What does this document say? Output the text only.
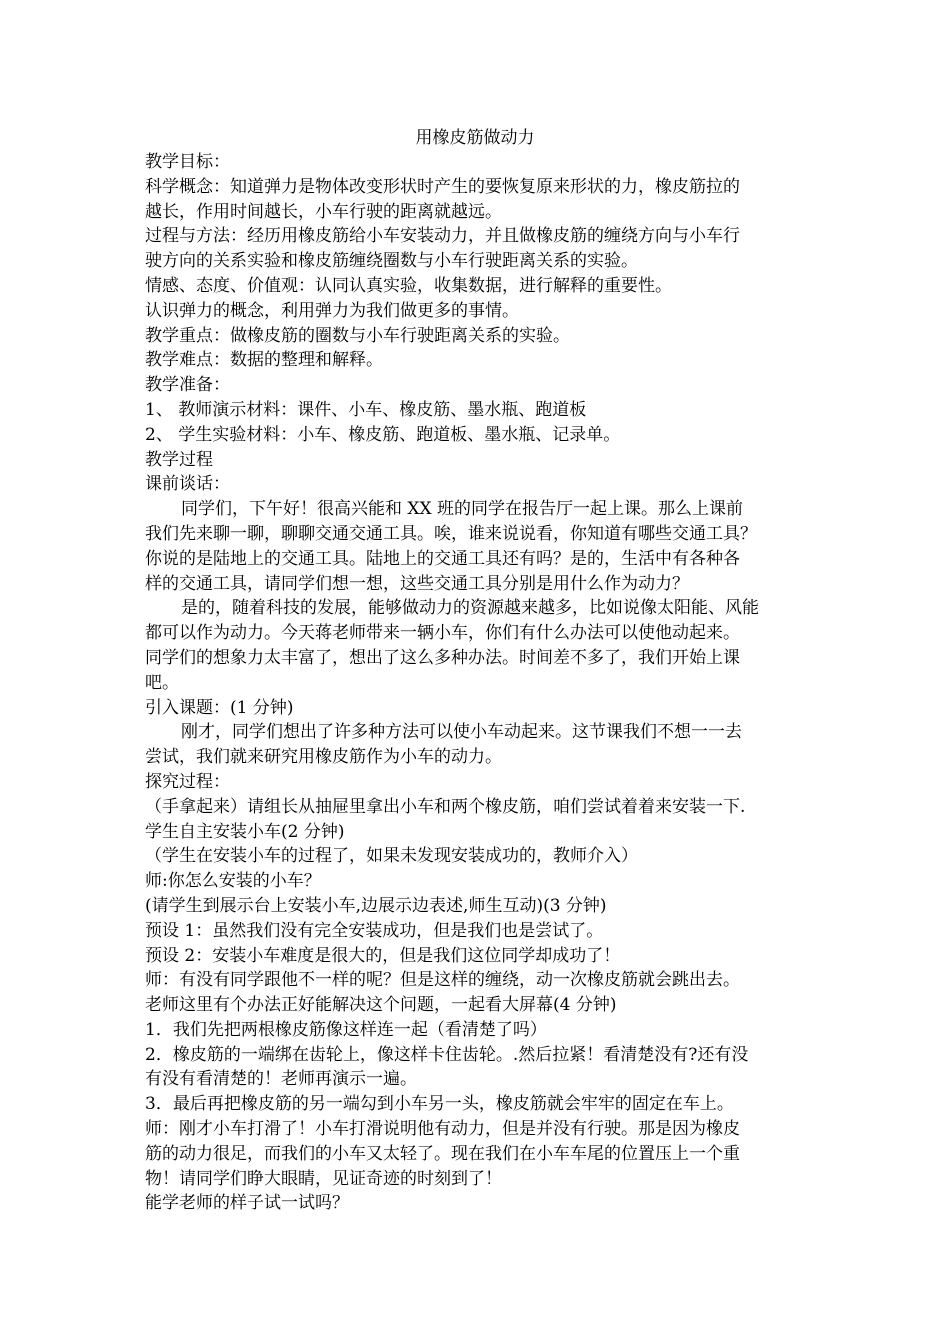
用橡皮筋做动力
教学目标：
科学概念：知道弹力是物体改变形状时产生的要恢复原来形状的力，橡皮筋拉的
越长，作用时间越长，小车行驶的距离就越远。
过程与方法：经历用橡皮筋给小车安装动力，并且做橡皮筋的缠绕方向与小车行
驶方向的关系实验和橡皮筋缠绕圈数与小车行驶距离关系的实验。
情感、态度、价值观：认同认真实验，收集数据，进行解释的重要性。
认识弹力的概念，利用弹力为我们做更多的事情。
教学重点：做橡皮筋的圈数与小车行驶距离关系的实验。
教学难点：数据的整理和解释。
教学准备：
1、 教师演示材料：课件、小车、橡皮筋、墨水瓶、跑道板
2、 学生实验材料：小车、橡皮筋、跑道板、墨水瓶、记录单。
教学过程
课前谈话：
同学们，下午好！很高兴能和 XX 班的同学在报告厅一起上课。那么上课前
我们先来聊一聊，聊聊交通交通工具。唉，谁来说说看，你知道有哪些交通工具？
你说的是陆地上的交通工具。陆地上的交通工具还有吗？是的，生活中有各种各
样的交通工具，请同学们想一想，这些交通工具分别是用什么作为动力？
是的，随着科技的发展，能够做动力的资源越来越多，比如说像太阳能、风能
都可以作为动力。今天蒋老师带来一辆小车，你们有什么办法可以使他动起来。
同学们的想象力太丰富了，想出了这么多种办法。时间差不多了，我们开始上课
吧。
引入课题：(1 分钟)
刚才，同学们想出了许多种方法可以使小车动起来。这节课我们不想一一去
尝试，我们就来研究用橡皮筋作为小车的动力。
探究过程：
（手拿起来）请组长从抽屉里拿出小车和两个橡皮筋，咱们尝试着着来安装一下.
学生自主安装小车(2 分钟)
（学生在安装小车的过程了，如果未发现安装成功的，教师介入）
师:你怎么安装的小车？
(请学生到展示台上安装小车,边展示边表述,师生互动)(3 分钟)
预设 1：虽然我们没有完全安装成功，但是我们也是尝试了。
预设 2：安装小车难度是很大的，但是我们这位同学却成功了！
师：有没有同学跟他不一样的呢？但是这样的缠绕，动一次橡皮筋就会跳出去。
老师这里有个办法正好能解决这个问题，一起看大屏幕(4 分钟)
1．我们先把两根橡皮筋像这样连一起（看清楚了吗）
2．橡皮筋的一端绑在齿轮上，像这样卡住齿轮。.然后拉紧！看清楚没有?还有没
有没有看清楚的！老师再演示一遍。
3．最后再把橡皮筋的另一端勾到小车另一头，橡皮筋就会牢牢的固定在车上。
师：刚才小车打滑了！小车打滑说明他有动力，但是并没有行驶。那是因为橡皮
筋的动力很足，而我们的小车又太轻了。现在我们在小车车尾的位置压上一个重
物！请同学们睁大眼睛，见证奇迹的时刻到了！
能学老师的样子试一试吗？
